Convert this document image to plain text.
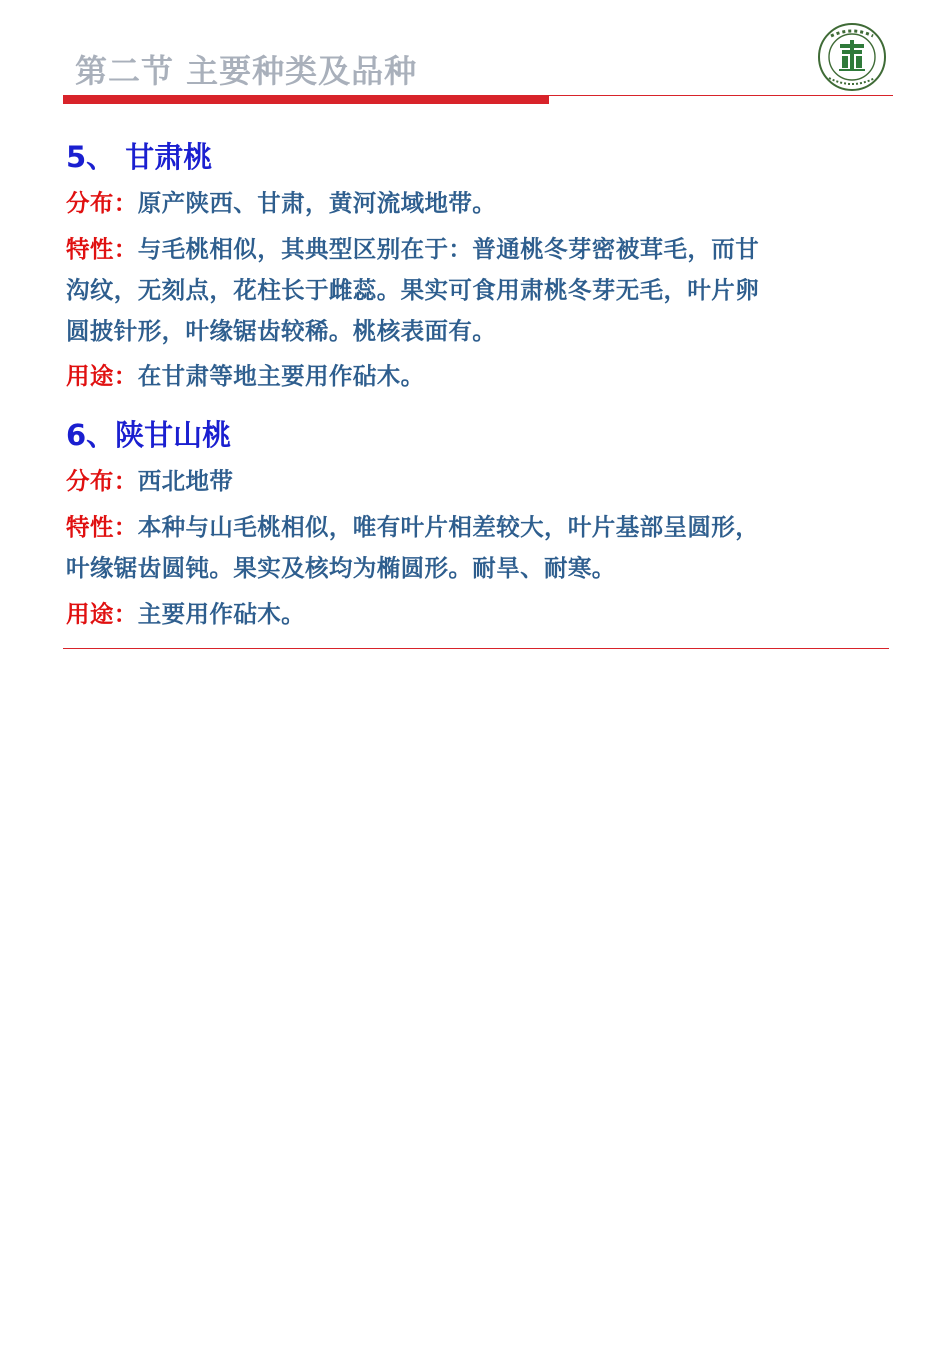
第二节 主要种类及品种
5、 甘肃桃
分布：原产陕西、甘肃，黄河流域地带。
特性：与毛桃相似，其典型区别在于：普通桃冬芽密被茸毛，而甘
沟纹，无刻点，花柱长于雌蕊。果实可食用肃桃冬芽无毛，叶片卵
圆披针形，叶缘锯齿较稀。桃核表面有。
用途：在甘肃等地主要用作砧木。
6、陕甘山桃
分布：西北地带
特性：本种与山毛桃相似，唯有叶片相差较大，叶片基部呈圆形，
叶缘锯齿圆钝。果实及核均为椭圆形。耐旱、耐寒。
用途：主要用作砧木。
